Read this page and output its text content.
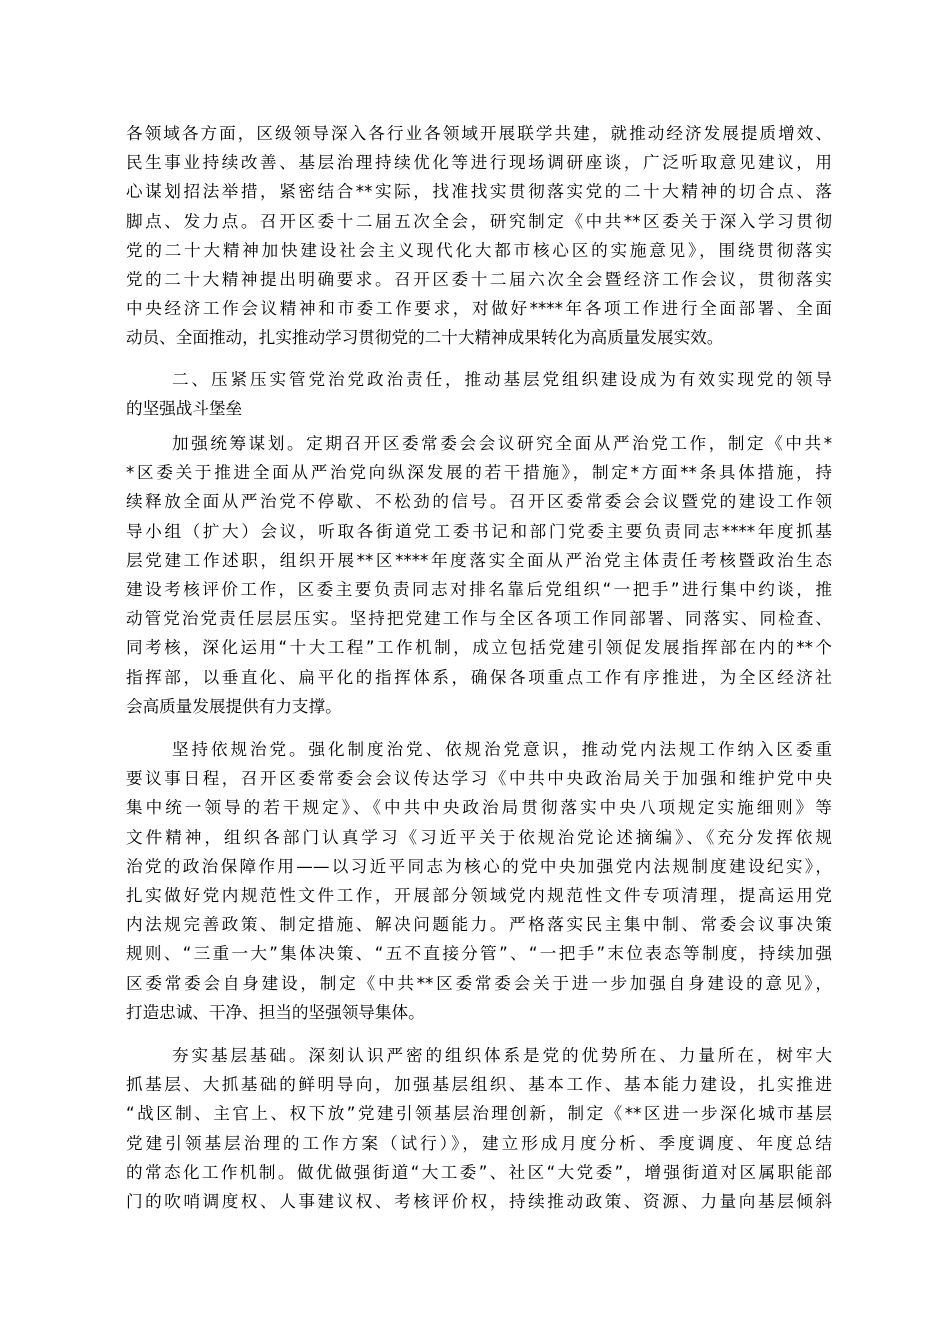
各领域各方面，区级领导深入各行业各领域开展联学共建，就推动经济发展提质增效、
民生事业持续改善、基层治理持续优化等进行现场调研座谈，广泛听取意见建议，用
心谋划招法举措，紧密结合**实际，找准找实贯彻落实党的二十大精神的切合点、落
脚点、发力点。召开区委十二届五次全会，研究制定《中共**区委关于深入学习贯彻
党的二十大精神加快建设社会主义现代化大都市核心区的实施意见》，围绕贯彻落实
党的二十大精神提出明确要求。召开区委十二届六次全会暨经济工作会议，贯彻落实
中央经济工作会议精神和市委工作要求，对做好****年各项工作进行全面部署、全面
动员、全面推动，扎实推动学习贯彻党的二十大精神成果转化为高质量发展实效。

二、压紧压实管党治党政治责任，推动基层党组织建设成为有效实现党的领导
的坚强战斗堡垒

加强统筹谋划。定期召开区委常委会会议研究全面从严治党工作，制定《中共*
*区委关于推进全面从严治党向纵深发展的若干措施》，制定*方面**条具体措施，持
续释放全面从严治党不停歇、不松劲的信号。召开区委常委会会议暨党的建设工作领
导小组（扩大）会议，听取各街道党工委书记和部门党委主要负责同志****年度抓基
层党建工作述职，组织开展**区****年度落实全面从严治党主体责任考核暨政治生态
建设考核评价工作，区委主要负责同志对排名靠后党组织“一把手”进行集中约谈，推
动管党治党责任层层压实。坚持把党建工作与全区各项工作同部署、同落实、同检查、
同考核，深化运用“十大工程”工作机制，成立包括党建引领促发展指挥部在内的**个
指挥部，以垂直化、扁平化的指挥体系，确保各项重点工作有序推进，为全区经济社
会高质量发展提供有力支撑。

坚持依规治党。强化制度治党、依规治党意识，推动党内法规工作纳入区委重
要议事日程，召开区委常委会会议传达学习《中共中央政治局关于加强和维护党中央
集中统一领导的若干规定》、《中共中央政治局贯彻落实中央八项规定实施细则》等
文件精神，组织各部门认真学习《习近平关于依规治党论述摘编》、《充分发挥依规
治党的政治保障作用——以习近平同志为核心的党中央加强党内法规制度建设纪实》，
扎实做好党内规范性文件工作，开展部分领域党内规范性文件专项清理，提高运用党
内法规完善政策、制定措施、解决问题能力。严格落实民主集中制、常委会议事决策
规则、“三重一大”集体决策、“五不直接分管”、“一把手”末位表态等制度，持续加强
区委常委会自身建设，制定《中共**区委常委会关于进一步加强自身建设的意见》，
打造忠诚、干净、担当的坚强领导集体。

夯实基层基础。深刻认识严密的组织体系是党的优势所在、力量所在，树牢大
抓基层、大抓基础的鲜明导向，加强基层组织、基本工作、基本能力建设，扎实推进
“战区制、主官上、权下放”党建引领基层治理创新，制定《**区进一步深化城市基层
党建引领基层治理的工作方案（试行）》，建立形成月度分析、季度调度、年度总结
的常态化工作机制。做优做强街道“大工委”、社区“大党委”，增强街道对区属职能部
门的吹哨调度权、人事建议权、考核评价权，持续推动政策、资源、力量向基层倾斜
